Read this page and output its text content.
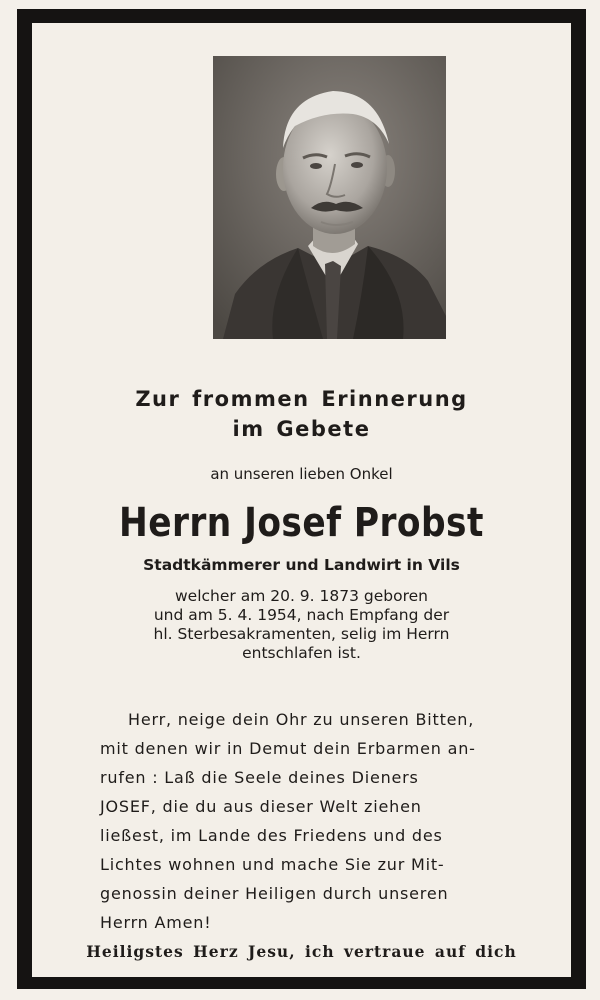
Zur frommen Erinnerung
im Gebete
an unseren lieben Onkel
Herrn Josef Probst
Stadtkämmerer und Landwirt in Vils
welcher am 20. 9. 1873 geboren
und am 5. 4. 1954, nach Empfang der
hl. Sterbesakramenten, selig im Herrn
entschlafen ist.
Herr, neige dein Ohr zu unseren Bitten,
mit denen wir in Demut dein Erbarmen an-
rufen : Laß die Seele deines Dieners
JOSEF, die du aus dieser Welt ziehen
ließest, im Lande des Friedens und des
Lichtes wohnen und mache Sie zur Mit-
genossin deiner Heiligen durch unseren
Herrn Amen!
Heiligstes Herz Jesu, ich vertraue auf dich
